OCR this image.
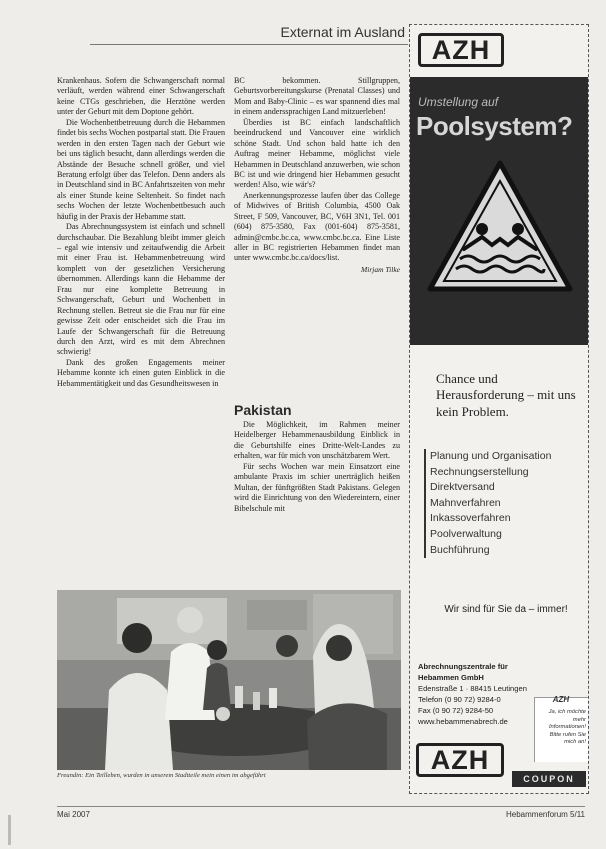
Externat im Ausland

Krankenhaus. Sofern die Schwangerschaft normal verläuft, werden während einer Schwangerschaft keine CTGs geschrieben, die Herztöne werden unter der Geburt mit dem Doptone gehört.

Die Wochenbettbetreuung durch die Hebammen findet bis sechs Wochen postpartal statt. Die Frauen werden in den ersten Tagen nach der Geburt wie bei uns täglich besucht, dann allerdings werden die Abstände der Besuche schnell größer, und viel Beratung erfolgt über das Telefon. Denn anders als in Deutschland sind in BC Anfahrtszeiten von mehr als einer Stunde keine Seltenheit. So findet nach sechs Wochen der letzte Wochenbettbesuch auch häufig in der Praxis der Hebamme statt.

Das Abrechnungssystem ist einfach und schnell durchschaubar. Die Bezahlung bleibt immer gleich – egal wie intensiv und zeitaufwendig die Arbeit mit einer Frau ist. Hebammenbetreuung wird komplett von der gesetzlichen Versicherung übernommen. Allerdings kann die Hebamme der Frau nur eine komplette Betreuung in Schwangerschaft, Geburt und Wochenbett in Rechnung stellen. Betreut sie die Frau nur für eine gewisse Zeit oder entscheidet sich die Frau im Laufe der Schwangerschaft für die Betreuung durch den Arzt, wird es mit dem Abrechnen schwierig!

Dank des großen Engagements meiner Hebamme konnte ich einen guten Einblick in die Hebammentätigkeit und das Gesundheitswesen in

BC bekommen. Stillgruppen, Geburtsvorbereitungskurse (Prenatal Classes) und Mom and Baby-Clinic – es war spannend dies mal in einem anderssprachigen Land mitzuerleben!

Überdies ist BC einfach landschaftlich beeindruckend und Vancouver eine wirklich schöne Stadt. Und schon bald hatte ich den Auftrag meiner Hebamme, möglichst viele Hebammen in Deutschland anzuwerben, wie schon BC ist und wie dringend hier Hebammen gesucht werden! Also, wie wär's?

Anerkennungsprozesse laufen über das College of Midwives of British Columbia, 4500 Oak Street, F 509, Vancouver, BC, V6H 3N1, Tel. 001 (604) 875-3580, Fax (001-604) 875-3581, admin@cmbc.bc.ca, www.cmbc.bc.ca. Eine Liste aller in BC registrierten Hebammen findet man unter www.cmbc.bc.ca/docs/list.

Mirjam Tilke
Pakistan

Die Möglichkeit, im Rahmen meiner Heidelberger Hebammenausbildung Einblick in die Geburtshilfe eines Dritte-Welt-Landes zu erhalten, war für mich von unschätzbarem Wert.

Für sechs Wochen war mein Einsatzort eine ambulante Praxis im schier unerträglich heißen Multan, der fünftgrößten Stadt Pakistans. Gelegen wird die Einrichtung von den Wiedereintern, einer Bibelschule mit

Freundin: Ein Teilleben, wurden in unserem Stadtteile mein einen im abgeführt
Mai 2007	Hebammenforum 5/11
AZH
Umstellung auf
Poolsystem?
Chance und Herausforderung – mit uns kein Problem.
Planung und Organisation
Rechnungserstellung
Direktversand
Mahnverfahren
Inkassoverfahren
Poolverwaltung
Buchführung
Wir sind für Sie da – immer!
Abrechnungszentrale für Hebammen GmbH
Edenstraße 1 · 88415 Leutingen
Telefon (0 90 72) 9284-0
Fax (0 90 72) 9284-50
www.hebammenabrech.de
AZH
Ja, ich möchte mehr Informationen! Bitte rufen Sie mich an!
AZH
COUPON
